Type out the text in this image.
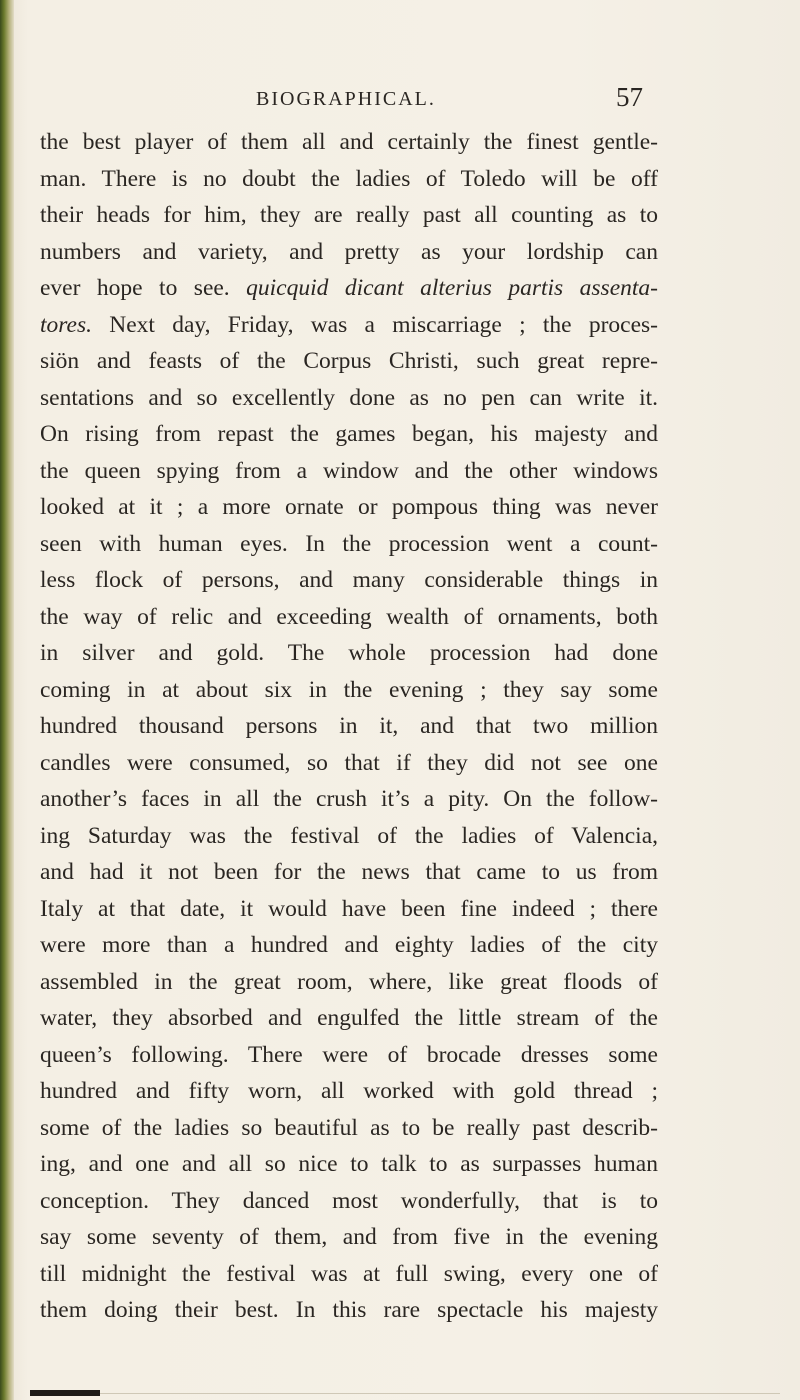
BIOGRAPHICAL.	57
the best player of them all and certainly the finest gentle-
man. There is no doubt the ladies of Toledo will be off
their heads for him, they are really past all counting as to
numbers and variety, and pretty as your lordship can
ever hope to see. quicquid dicant alterius partis assenta-
tores. Next day, Friday, was a miscarriage ; the proces-
siön and feasts of the Corpus Christi, such great repre-
sentations and so excellently done as no pen can write it.
On rising from repast the games began, his majesty and
the queen spying from a window and the other windows
looked at it ; a more ornate or pompous thing was never
seen with human eyes. In the procession went a count-
less flock of persons, and many considerable things in
the way of relic and exceeding wealth of ornaments, both
in silver and gold. The whole procession had done
coming in at about six in the evening ; they say some
hundred thousand persons in it, and that two million
candles were consumed, so that if they did not see one
another’s faces in all the crush it’s a pity. On the follow-
ing Saturday was the festival of the ladies of Valencia,
and had it not been for the news that came to us from
Italy at that date, it would have been fine indeed ; there
were more than a hundred and eighty ladies of the city
assembled in the great room, where, like great floods of
water, they absorbed and engulfed the little stream of the
queen’s following. There were of brocade dresses some
hundred and fifty worn, all worked with gold thread ;
some of the ladies so beautiful as to be really past describ-
ing, and one and all so nice to talk to as surpasses human
conception. They danced most wonderfully, that is to
say some seventy of them, and from five in the evening
till midnight the festival was at full swing, every one of
them doing their best. In this rare spectacle his majesty
